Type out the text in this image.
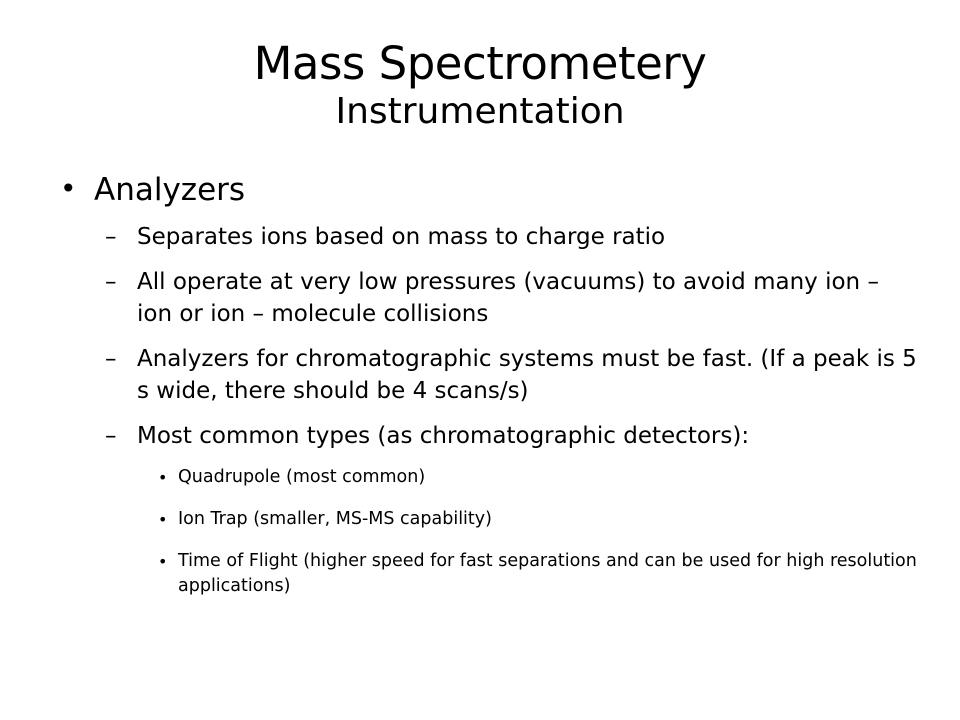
Mass Spectrometery
Instrumentation
• Analyzers
– Separates ions based on mass to charge ratio
– All operate at very low pressures (vacuums) to avoid many ion – ion or ion – molecule collisions
– Analyzers for chromatographic systems must be fast. (If a peak is 5 s wide, there should be 4 scans/s)
– Most common types (as chromatographic detectors):
• Quadrupole (most common)
• Ion Trap (smaller, MS-MS capability)
• Time of Flight (higher speed for fast separations and can be used for high resolution applications)
